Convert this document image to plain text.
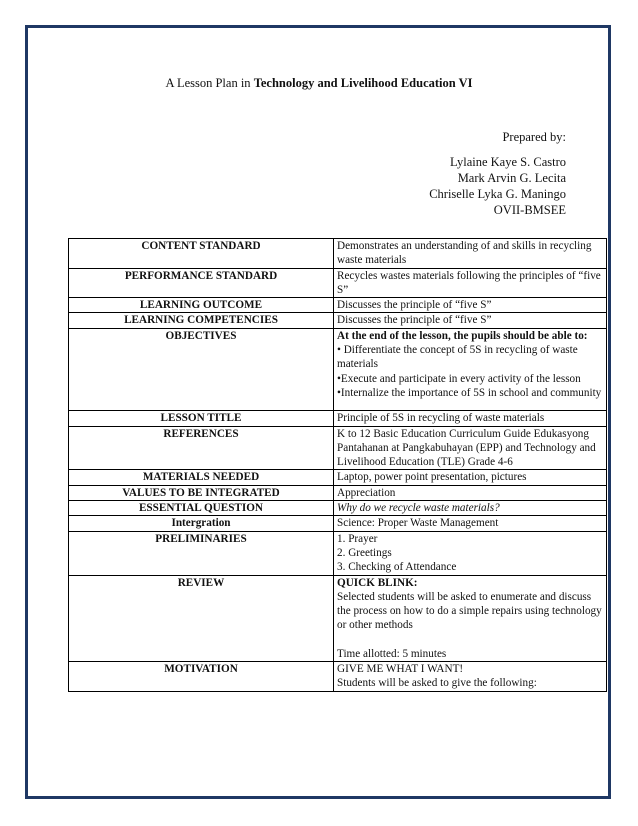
A Lesson Plan in Technology and Livelihood Education VI
Prepared by:
Lylaine Kaye S. Castro
Mark Arvin G. Lecita
Chriselle Lyka G. Maningo
OVII-BMSEE
CONTENT STANDARD	Demonstrates an understanding of and skills in recycling waste materials
PERFORMANCE STANDARD	Recycles wastes materials following the principles of “five S”
LEARNING OUTCOME	Discusses the principle of “five S”
LEARNING COMPETENCIES	Discusses the principle of “five S”
OBJECTIVES	At the end of the lesson, the pupils should be able to:
• Differentiate the concept of 5S in recycling of waste materials
•Execute and participate in every activity of the lesson
•Internalize the importance of 5S in school and community

LESSON TITLE	Principle of 5S in recycling of waste materials
REFERENCES	K to 12 Basic Education Curriculum Guide Edukasyong Pantahanan at Pangkabuhayan (EPP) and Technology and Livelihood Education (TLE) Grade 4-6
MATERIALS NEEDED	Laptop, power point presentation, pictures
VALUES TO BE INTEGRATED	Appreciation
ESSENTIAL QUESTION	Why do we recycle waste materials?
Intergration	Science: Proper Waste Management
PRELIMINARIES	1. Prayer
2. Greetings
3. Checking of Attendance

REVIEW	QUICK BLINK:
Selected students will be asked to enumerate and discuss the process on how to do a simple repairs using technology or other methods
Time allotted: 5 minutes

MOTIVATION	GIVE ME WHAT I WANT!
Students will be asked to give the following:
